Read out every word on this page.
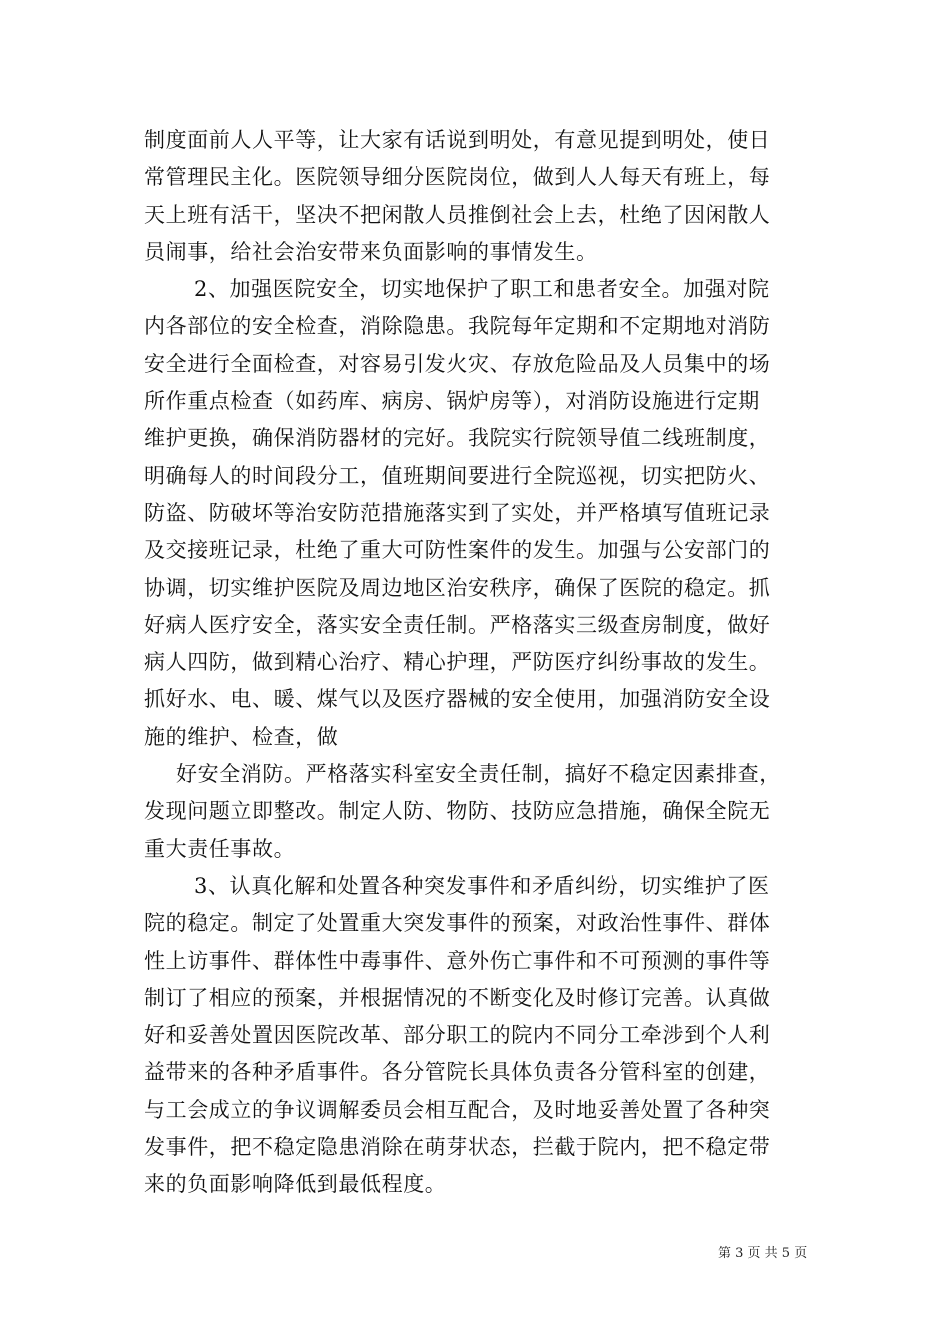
制度面前人人平等，让大家有话说到明处，有意见提到明处，使日
常管理民主化。医院领导细分医院岗位，做到人人每天有班上，每
天上班有活干，坚决不把闲散人员推倒社会上去，杜绝了因闲散人
员闹事，给社会治安带来负面影响的事情发生。
2、加强医院安全，切实地保护了职工和患者安全。加强对院
内各部位的安全检查，消除隐患。我院每年定期和不定期地对消防
安全进行全面检查，对容易引发火灾、存放危险品及人员集中的场
所作重点检查（如药库、病房、锅炉房等），对消防设施进行定期
维护更换，确保消防器材的完好。我院实行院领导值二线班制度，
明确每人的时间段分工，值班期间要进行全院巡视，切实把防火、
防盗、防破坏等治安防范措施落实到了实处，并严格填写值班记录
及交接班记录，杜绝了重大可防性案件的发生。加强与公安部门的
协调，切实维护医院及周边地区治安秩序，确保了医院的稳定。抓
好病人医疗安全，落实安全责任制。严格落实三级查房制度，做好
病人四防，做到精心治疗、精心护理，严防医疗纠纷事故的发生。
抓好水、电、暖、煤气以及医疗器械的安全使用，加强消防安全设
施的维护、检查，做
好安全消防。严格落实科室安全责任制，搞好不稳定因素排查，
发现问题立即整改。制定人防、物防、技防应急措施，确保全院无
重大责任事故。
3、认真化解和处置各种突发事件和矛盾纠纷，切实维护了医
院的稳定。制定了处置重大突发事件的预案，对政治性事件、群体
性上访事件、群体性中毒事件、意外伤亡事件和不可预测的事件等
制订了相应的预案，并根据情况的不断变化及时修订完善。认真做
好和妥善处置因医院改革、部分职工的院内不同分工牵涉到个人利
益带来的各种矛盾事件。各分管院长具体负责各分管科室的创建，
与工会成立的争议调解委员会相互配合，及时地妥善处置了各种突
发事件，把不稳定隐患消除在萌芽状态，拦截于院内，把不稳定带
来的负面影响降低到最低程度。
第 3 页 共 5 页
